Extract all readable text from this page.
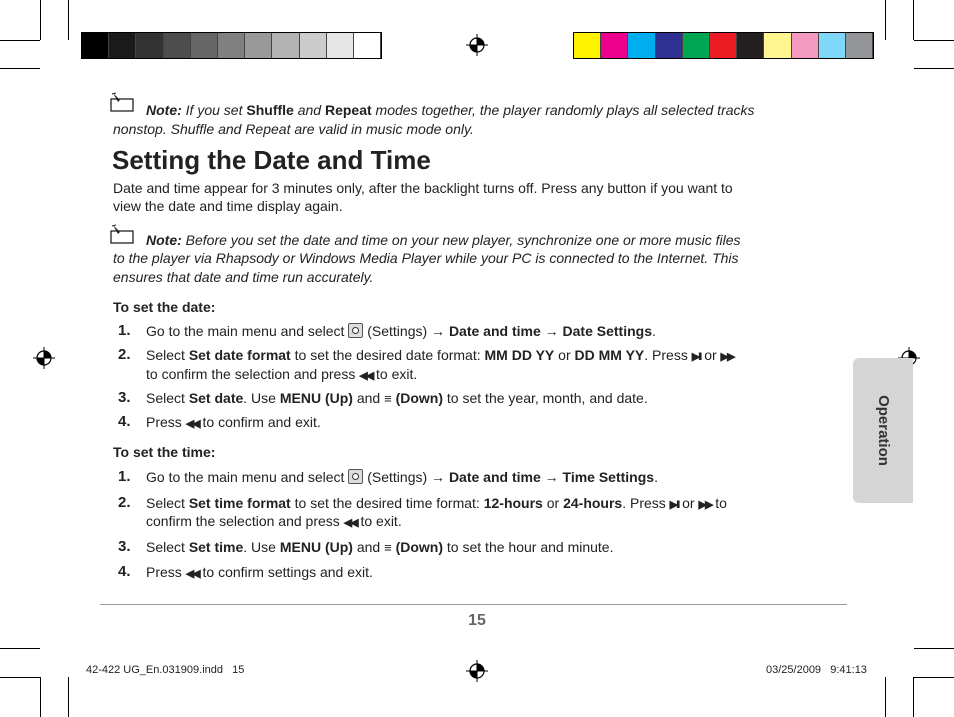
Note: If you set Shuffle and Repeat modes together, the player randomly plays all selected tracks
nonstop. Shuffle and Repeat are valid in music mode only.
Setting the Date and Time
Date and time appear for 3 minutes only, after the backlight turns off. Press any button if you want to
view the date and time display again.
Note: Before you set the date and time on your new player, synchronize one or more music files
to the player via Rhapsody or Windows Media Player while your PC is connected to the Internet. This
ensures that date and time run accurately.
To set the date:
1. Go to the main menu and select (Settings) → Date and time → Date Settings.
2. Select Set date format to set the desired date format: MM DD YY or DD MM YY. Press ▶II or ▶▶
to confirm the selection and press ◀◀ to exit.
3. Select Set date. Use MENU (Up) and ≡ (Down) to set the year, month, and date.
4. Press ◀◀ to confirm and exit.
To set the time:
1. Go to the main menu and select (Settings) → Date and time → Time Settings.
2. Select Set time format to set the desired time format: 12-hours or 24-hours. Press ▶II or ▶▶ to
confirm the selection and press ◀◀ to exit.
3. Select Set time. Use MENU (Up) and ≡ (Down) to set the hour and minute.
4. Press ◀◀ to confirm settings and exit.
Operation
15
42-422 UG_En.031909.indd   15	03/25/2009   9:41:13
